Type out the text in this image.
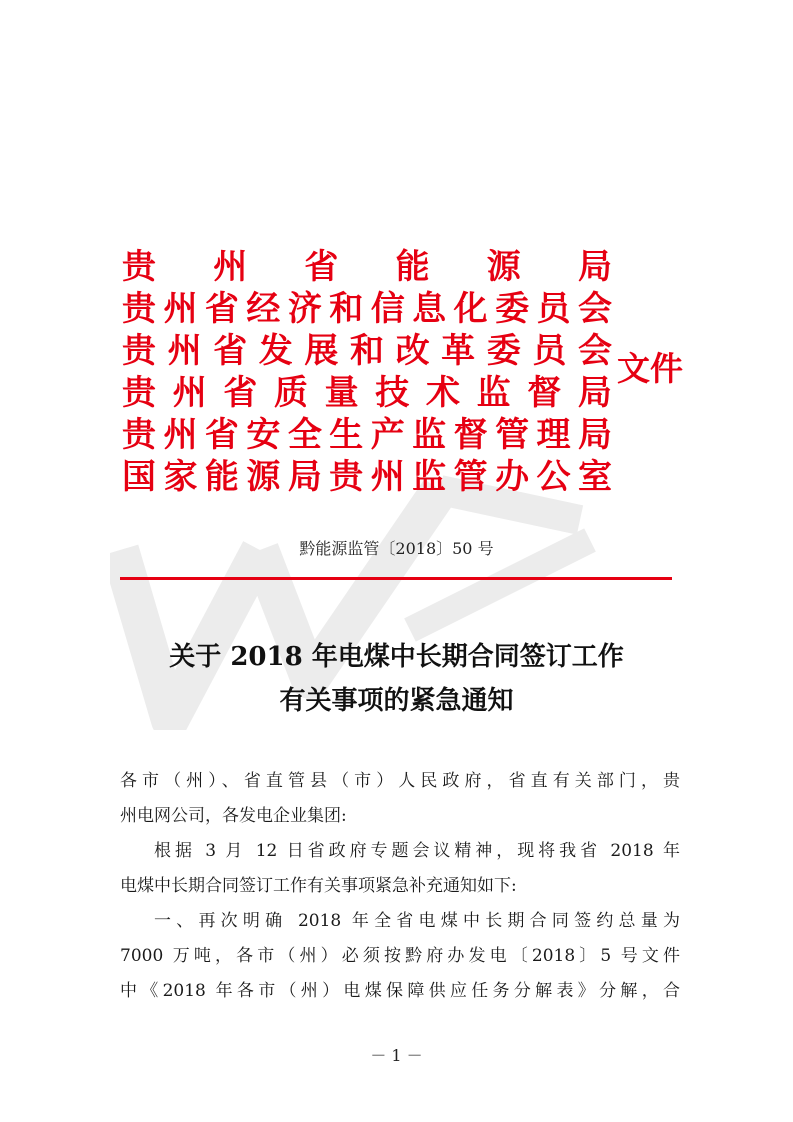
贵 州 省 能 源 局
贵 州 省 经 济 和 信 息 化 委 员 会
贵 州 省 发 展 和 改 革 委 员 会
贵 州 省 质 量 技 术 监 督 局
贵 州 省 安 全 生 产 监 督 管 理 局
国 家 能 源 局 贵 州 监 管 办 公 室
文件
黔能源监管〔2018〕50 号
关于 2018 年电煤中长期合同签订工作
有关事项的紧急通知

各市（州）、省直管县（市）人民政府，省直有关部门，贵

州电网公司，各发电企业集团:

根据 3 月 12 日省政府专题会议精神，现将我省 2018 年

电煤中长期合同签订工作有关事项紧急补充通知如下:

一、再次明确 2018 年全省电煤中长期合同签约总量为

7000 万吨，各市（州）必须按黔府办发电〔2018〕5 号文件

中《2018 年各市（州）电煤保障供应任务分解表》分解，合

－ 1 －
